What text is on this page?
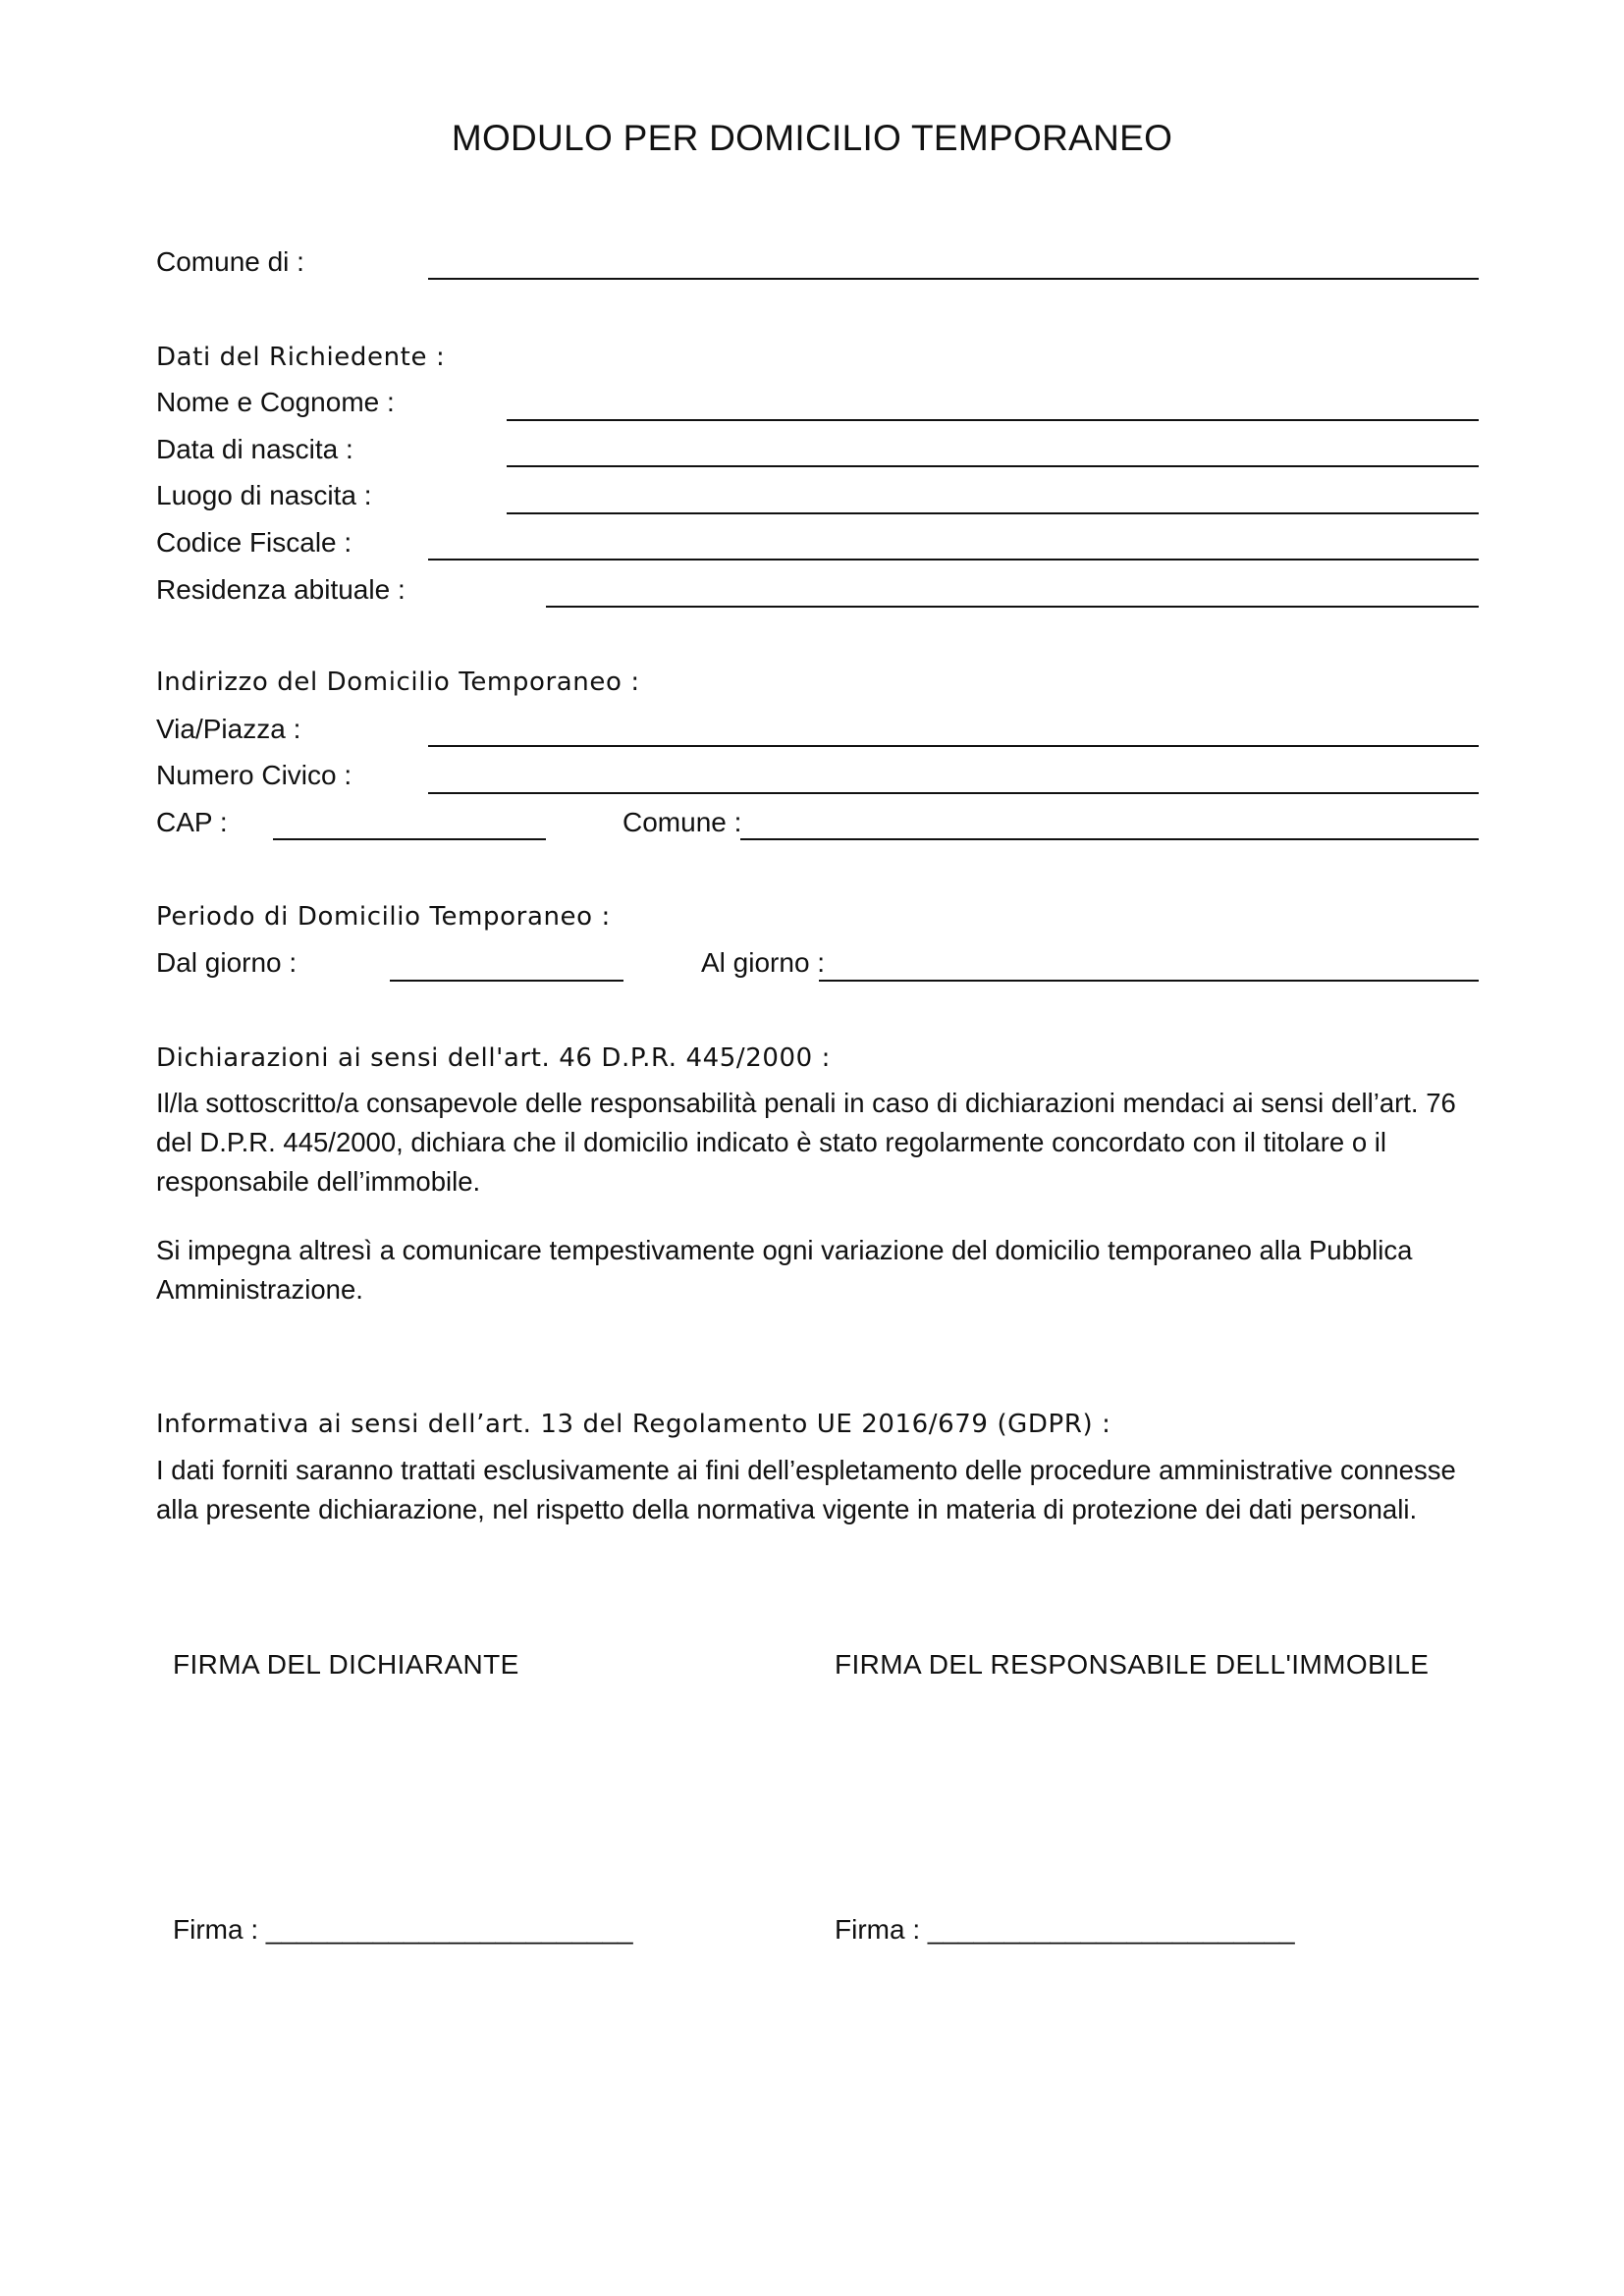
MODULO PER DOMICILIO TEMPORANEO
Comune di :
Dati del Richiedente :
Nome e Cognome :
Data di nascita :
Luogo di nascita :
Codice Fiscale :
Residenza abituale :
Indirizzo del Domicilio Temporaneo :
Via/Piazza :
Numero Civico :
CAP :	Comune :
Periodo di Domicilio Temporaneo :
Dal giorno :	Al giorno :
Dichiarazioni ai sensi dell'art. 46 D.P.R. 445/2000 :
Il/la sottoscritto/a consapevole delle responsabilità penali in caso di dichiarazioni mendaci ai sensi dell’art. 76 del D.P.R. 445/2000, dichiara che il domicilio indicato è stato regolarmente concordato con il titolare o il responsabile dell’immobile.
Si impegna altresì a comunicare tempestivamente ogni variazione del domicilio temporaneo alla Pubblica Amministrazione.
Informativa ai sensi dell’art. 13 del Regolamento UE 2016/679 (GDPR) :
I dati forniti saranno trattati esclusivamente ai fini dell’espletamento delle procedure amministrative connesse alla presente dichiarazione, nel rispetto della normativa vigente in materia di protezione dei dati personali.
FIRMA DEL DICHIARANTE	FIRMA DEL RESPONSABILE DELL'IMMOBILE
Firma : ________________________	Firma : ________________________
